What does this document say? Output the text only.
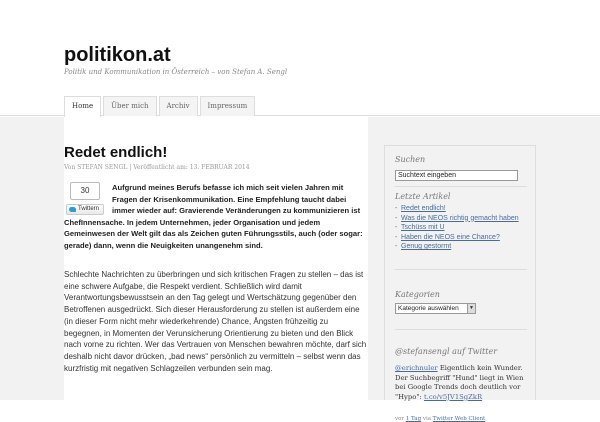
politikon.at
Politik und Kommunikation in Österreich – von Stefan A. Sengl
Home	Über mich	Archiv	Impressum
Redet endlich!
Von STEFAN SENGL | Veröffentlicht am: 13. FEBRUAR 2014
Aufgrund meines Berufs befasse ich mich seit vielen Jahren mit Fragen der Krisenkommunikation. Eine Empfehlung taucht dabei immer wieder auf: Gravierende Veränderungen zu kommunizieren ist ChefInnensache. In jedem Unternehmen, jeder Organisation und jedem Gemeinwesen der Welt gilt das als Zeichen guten Führungsstils, auch (oder sogar: gerade) dann, wenn die Neuigkeiten unangenehm sind.
30
Twittern
Schlechte Nachrichten zu überbringen und sich kritischen Fragen zu stellen – das ist eine schwere Aufgabe, die Respekt verdient. Schließlich wird damit Verantwortungsbewusstsein an den Tag gelegt und Wertschätzung gegenüber den Betroffenen ausgedrückt. Sich dieser Herausforderung zu stellen ist außerdem eine (in dieser Form nicht mehr wiederkehrende) Chance, Ängsten frühzeitig zu begegnen, in Momenten der Verunsicherung Orientierung zu bieten und den Blick nach vorne zu richten. Wer das Vertrauen von Menschen bewahren möchte, darf sich deshalb nicht davor drücken, „bad news“ persönlich zu vermitteln – selbst wenn das kurzfristig mit negativen Schlagzeilen verbunden sein mag.
Suchen
Suchtext eingeben
Letzte Artikel
- Redet endlich!
- Was die NEOS richtig gemacht haben
- Tschüss mit U
- Haben die NEOS eine Chance?
- Genug gestormt
Kategorien
Kategorie auswählen	▼
@stefansengl auf Twitter
@erichnuler Eigentlich kein Wunder. Der Suchbegriff "Hund" liegt in Wien bei Google Trends doch deutlich vor "Hypo": t.co/v5JV1SgZkR
vor 1 Tag via Twitter Web Client
